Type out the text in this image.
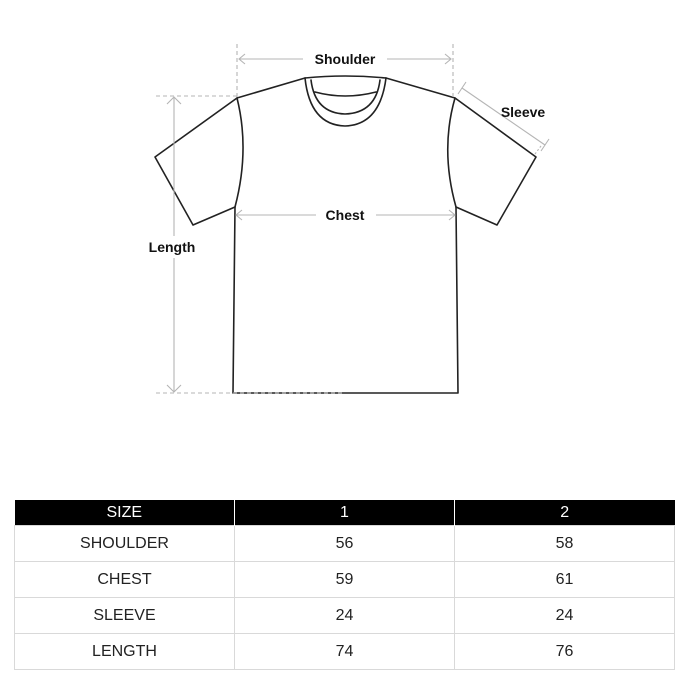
Shoulder
Sleeve
Chest
Length
SIZE	1	2
SHOULDER	56	58
CHEST	59	61
SLEEVE	24	24
LENGTH	74	76
